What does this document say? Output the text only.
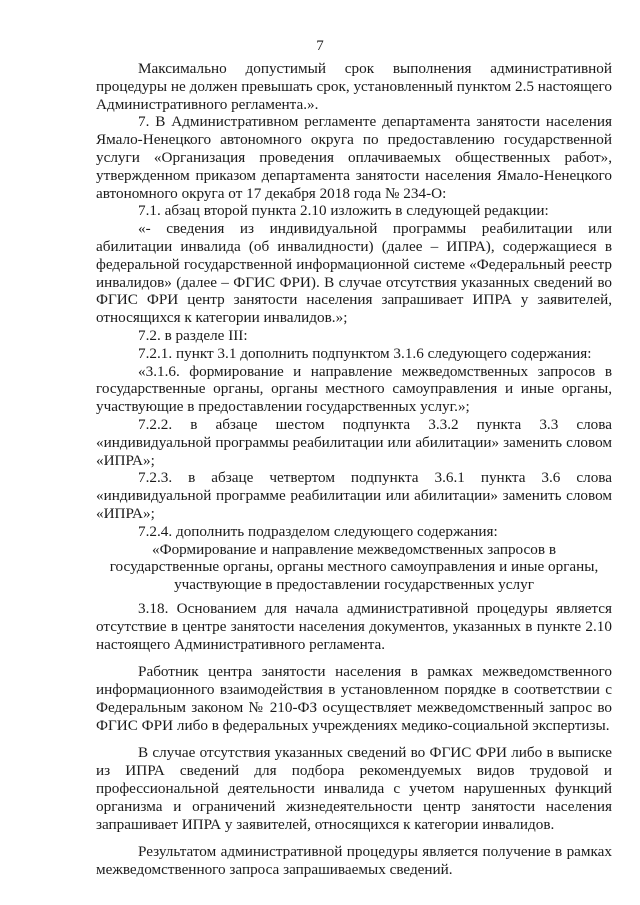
7

Максимально допустимый срок выполнения административной процедуры не должен превышать срок, установленный пунктом 2.5 настоящего Административного регламента.».

7. В Административном регламенте департамента занятости населения Ямало-Ненецкого автономного округа по предоставлению государственной услуги «Организация проведения оплачиваемых общественных работ», утвержденном приказом департамента занятости населения Ямало-Ненецкого автономного округа от 17 декабря 2018 года № 234-О:

7.1. абзац второй пункта 2.10 изложить в следующей редакции:

«- сведения из индивидуальной программы реабилитации или абилитации инвалида (об инвалидности) (далее – ИПРА), содержащиеся в федеральной государственной информационной системе «Федеральный реестр инвалидов» (далее – ФГИС ФРИ). В случае отсутствия указанных сведений во ФГИС ФРИ центр занятости населения запрашивает ИПРА у заявителей, относящихся к категории инвалидов.»;

7.2. в разделе III:

7.2.1. пункт 3.1 дополнить подпунктом 3.1.6 следующего содержания:

«3.1.6. формирование и направление межведомственных запросов в государственные органы, органы местного самоуправления и иные органы, участвующие в предоставлении государственных услуг.»;

7.2.2. в абзаце шестом подпункта 3.3.2 пункта 3.3 слова «индивидуальной программы реабилитации или абилитации» заменить словом «ИПРА»;

7.2.3. в абзаце четвертом подпункта 3.6.1 пункта 3.6 слова «индивидуальной программе реабилитации или абилитации» заменить словом «ИПРА»;

7.2.4. дополнить подразделом следующего содержания:

«Формирование и направление межведомственных запросов в государственные органы, органы местного самоуправления и иные органы, участвующие в предоставлении государственных услуг

3.18. Основанием для начала административной процедуры является отсутствие в центре занятости населения документов, указанных в пункте 2.10 настоящего Административного регламента.

Работник центра занятости населения в рамках межведомственного информационного взаимодействия в установленном порядке в соответствии с Федеральным законом № 210-ФЗ осуществляет межведомственный запрос во ФГИС ФРИ либо в федеральных учреждениях медико-социальной экспертизы.

В случае отсутствия указанных сведений во ФГИС ФРИ либо в выписке из ИПРА сведений для подбора рекомендуемых видов трудовой и профессиональной деятельности инвалида с учетом нарушенных функций организма и ограничений жизнедеятельности центр занятости населения запрашивает ИПРА у заявителей, относящихся к категории инвалидов.

Результатом административной процедуры является получение в рамках межведомственного запроса запрашиваемых сведений.
